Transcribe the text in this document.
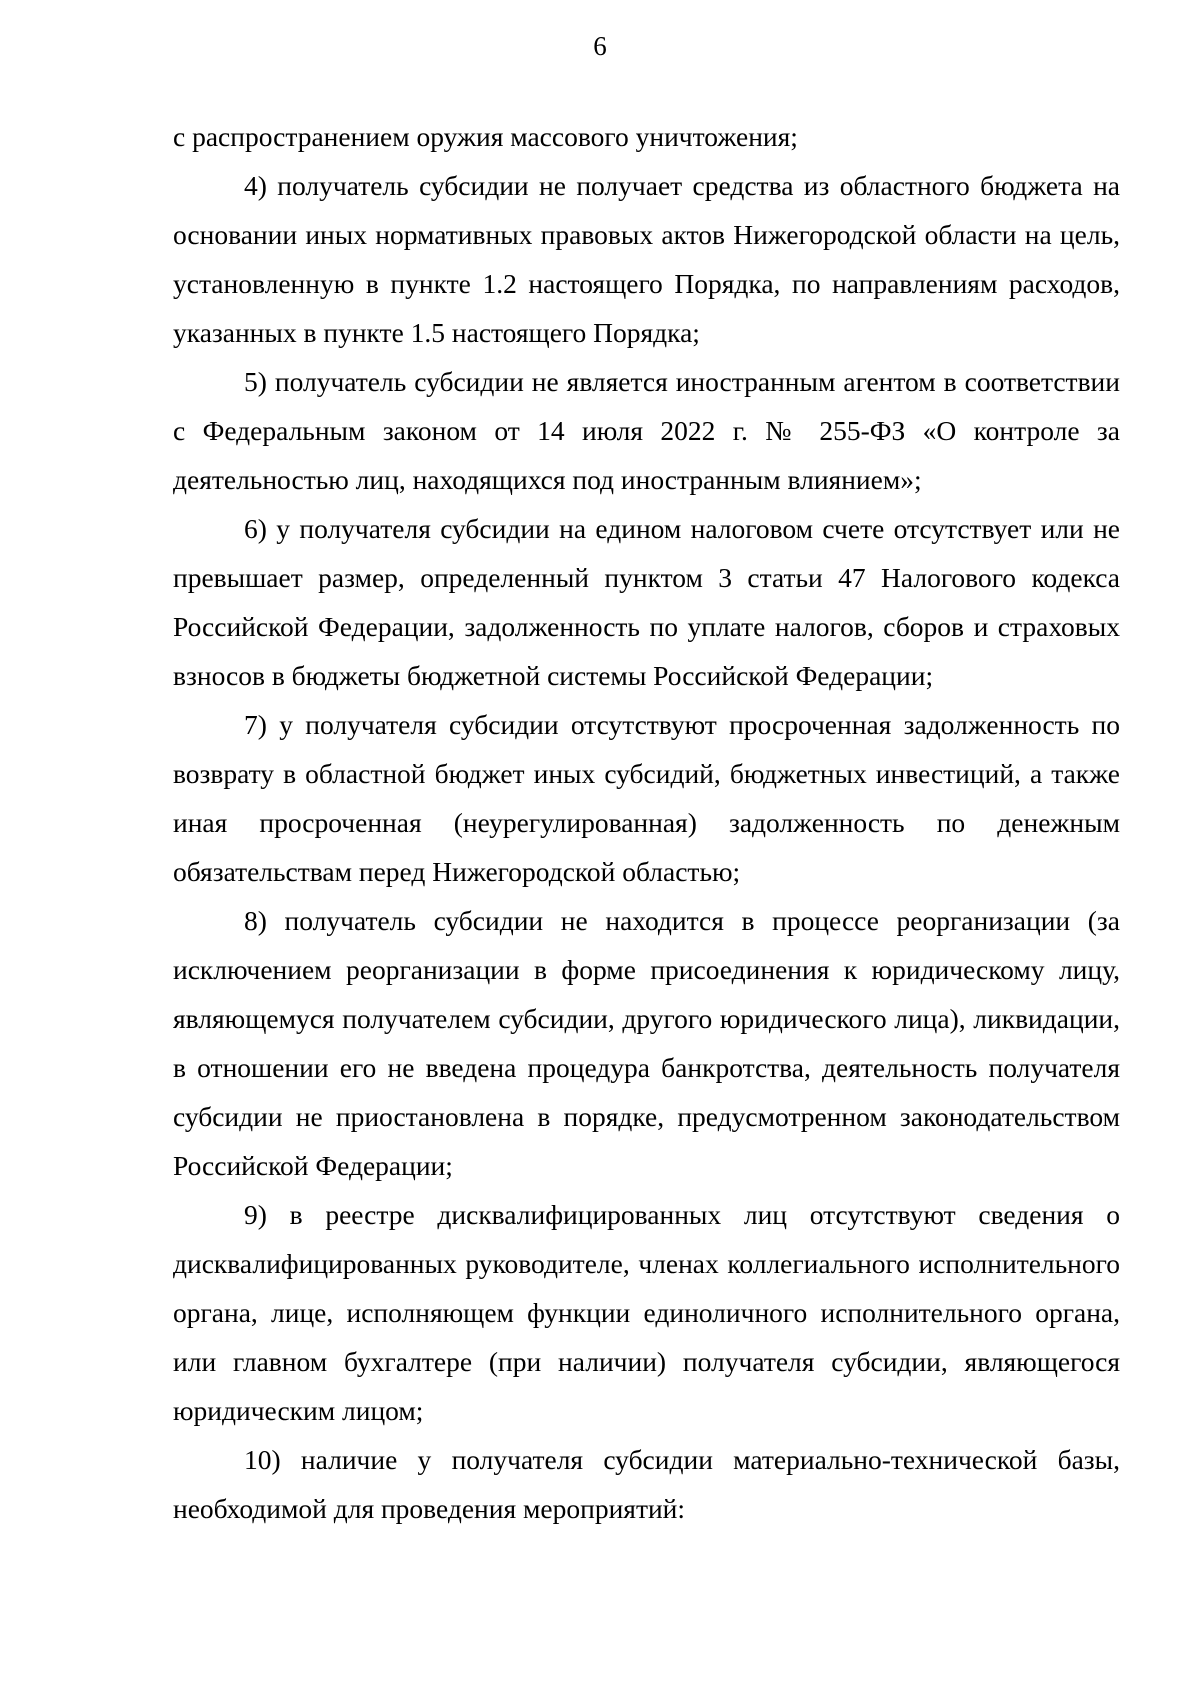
6

с распространением оружия массового уничтожения;

4) получатель субсидии не получает средства из областного бюджета на основании иных нормативных правовых актов Нижегородской области на цель, установленную в пункте 1.2 настоящего Порядка, по направлениям расходов, указанных в пункте 1.5 настоящего Порядка;

5) получатель субсидии не является иностранным агентом в соответствии с Федеральным законом от 14 июля 2022 г. № 255-ФЗ «О контроле за деятельностью лиц, находящихся под иностранным влиянием»;

6) у получателя субсидии на едином налоговом счете отсутствует или не превышает размер, определенный пунктом 3 статьи 47 Налогового кодекса Российской Федерации, задолженность по уплате налогов, сборов и страховых взносов в бюджеты бюджетной системы Российской Федерации;

7) у получателя субсидии отсутствуют просроченная задолженность по возврату в областной бюджет иных субсидий, бюджетных инвестиций, а также иная просроченная (неурегулированная) задолженность по денежным обязательствам перед Нижегородской областью;

8) получатель субсидии не находится в процессе реорганизации (за исключением реорганизации в форме присоединения к юридическому лицу, являющемуся получателем субсидии, другого юридического лица), ликвидации, в отношении его не введена процедура банкротства, деятельность получателя субсидии не приостановлена в порядке, предусмотренном законодательством Российской Федерации;

9) в реестре дисквалифицированных лиц отсутствуют сведения о дисквалифицированных руководителе, членах коллегиального исполнительного органа, лице, исполняющем функции единоличного исполнительного органа, или главном бухгалтере (при наличии) получателя субсидии, являющегося юридическим лицом;

10) наличие у получателя субсидии материально-технической базы, необходимой для проведения мероприятий:
